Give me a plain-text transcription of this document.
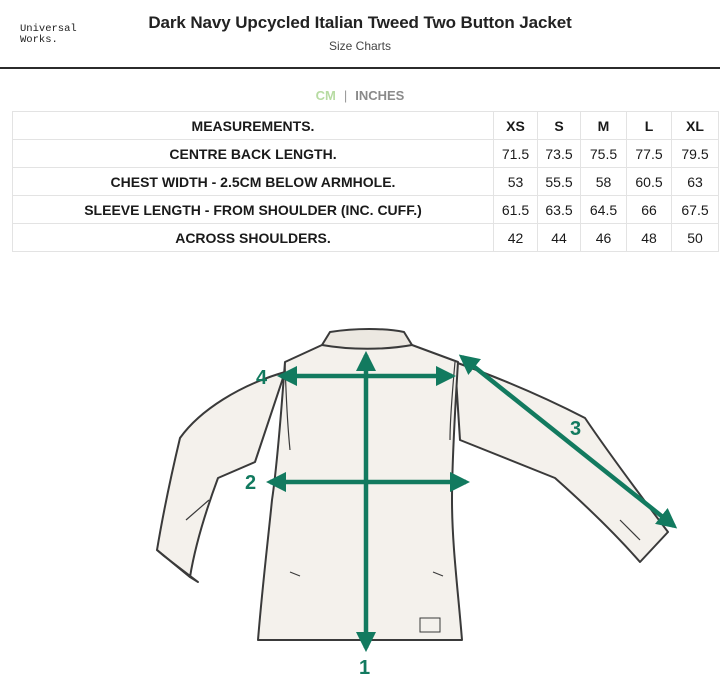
Universal
Works.
Dark Navy Upcycled Italian Tweed Two Button Jacket
Size Charts
CM | INCHES
MEASUREMENTS.	XS	S	M	L	XL
CENTRE BACK LENGTH.	71.5	73.5	75.5	77.5	79.5
CHEST WIDTH - 2.5CM BELOW ARMHOLE.	53	55.5	58	60.5	63
SLEEVE LENGTH - FROM SHOULDER (INC. CUFF.)	61.5	63.5	64.5	66	67.5
ACROSS SHOULDERS.	42	44	46	48	50
1
2
3
4
